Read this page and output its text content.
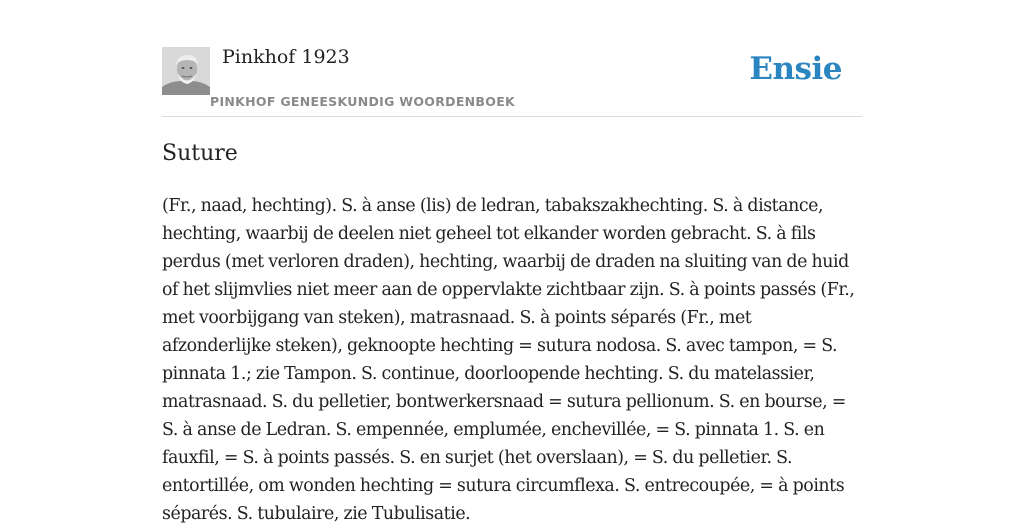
Pinkhof 1923
PINKHOF GENEESKUNDIG WOORDENBOEK
Ensie
Suture

(Fr., naad, hechting). S. à anse (lis) de ledran, tabakszakhechting. S. à distance, hechting, waarbij de deelen niet geheel tot elkander worden gebracht. S. à fils perdus (met verloren draden), hechting, waarbij de draden na sluiting van de huid of het slijmvlies niet meer aan de oppervlakte zichtbaar zijn. S. à points passés (Fr., met voorbijgang van steken), matrasnaad. S. à points séparés (Fr., met afzonderlijke steken), geknoopte hechting = sutura nodosa. S. avec tampon, = S. pinnata 1.; zie Tampon. S. continue, doorloopende hechting. S. du matelassier, matrasnaad. S. du pelletier, bontwerkersnaad = sutura pellionum. S. en bourse, = S. à anse de Ledran. S. empennée, emplumée, enchevillée, = S. pinnata 1. S. en fauxfil, = S. à points passés. S. en surjet (het overslaan), = S. du pelletier. S. entortillée, om wonden hechting = sutura circumflexa. S. entrecoupée, = à points séparés. S. tubulaire, zie Tubulisatie.
